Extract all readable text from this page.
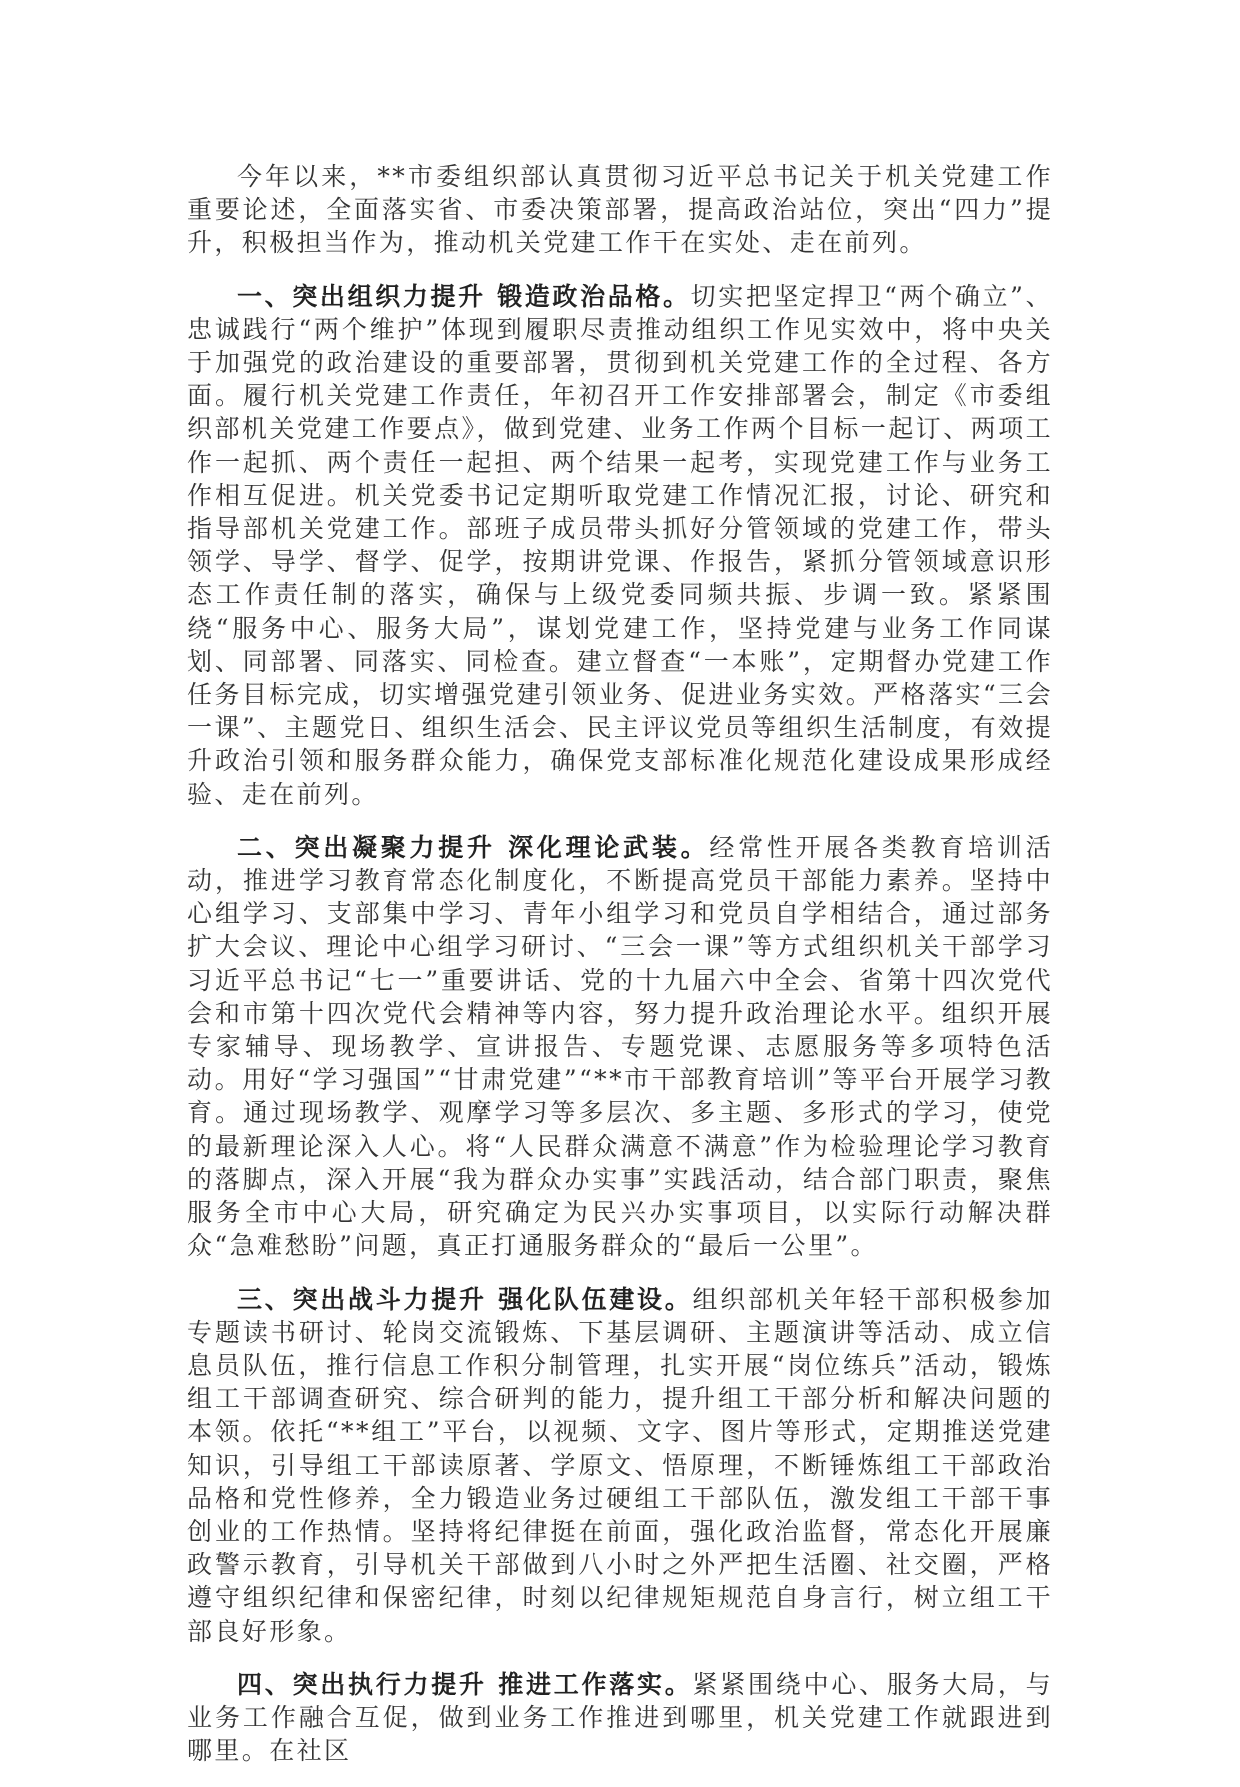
今年以来，**市委组织部认真贯彻习近平总书记关于机关党建工作重要论述，全面落实省、市委决策部署，提高政治站位，突出“四力”提升，积极担当作为，推动机关党建工作干在实处、走在前列。

一、突出组织力提升 锻造政治品格。切实把坚定捍卫“两个确立”、忠诚践行“两个维护”体现到履职尽责推动组织工作见实效中，将中央关于加强党的政治建设的重要部署，贯彻到机关党建工作的全过程、各方面。履行机关党建工作责任，年初召开工作安排部署会，制定《市委组织部机关党建工作要点》，做到党建、业务工作两个目标一起订、两项工作一起抓、两个责任一起担、两个结果一起考，实现党建工作与业务工作相互促进。机关党委书记定期听取党建工作情况汇报，讨论、研究和指导部机关党建工作。部班子成员带头抓好分管领域的党建工作，带头领学、导学、督学、促学，按期讲党课、作报告，紧抓分管领域意识形态工作责任制的落实，确保与上级党委同频共振、步调一致。紧紧围绕“服务中心、服务大局”，谋划党建工作，坚持党建与业务工作同谋划、同部署、同落实、同检查。建立督查“一本账”，定期督办党建工作任务目标完成，切实增强党建引领业务、促进业务实效。严格落实“三会一课”、主题党日、组织生活会、民主评议党员等组织生活制度，有效提升政治引领和服务群众能力，确保党支部标准化规范化建设成果形成经验、走在前列。

二、突出凝聚力提升 深化理论武装。经常性开展各类教育培训活动，推进学习教育常态化制度化，不断提高党员干部能力素养。坚持中心组学习、支部集中学习、青年小组学习和党员自学相结合，通过部务扩大会议、理论中心组学习研讨、“三会一课”等方式组织机关干部学习习近平总书记“七一”重要讲话、党的十九届六中全会、省第十四次党代会和市第十四次党代会精神等内容，努力提升政治理论水平。组织开展专家辅导、现场教学、宣讲报告、专题党课、志愿服务等多项特色活动。用好“学习强国”“甘肃党建”“**市干部教育培训”等平台开展学习教育。通过现场教学、观摩学习等多层次、多主题、多形式的学习，使党的最新理论深入人心。将“人民群众满意不满意”作为检验理论学习教育的落脚点，深入开展“我为群众办实事”实践活动，结合部门职责，聚焦服务全市中心大局，研究确定为民兴办实事项目，以实际行动解决群众“急难愁盼”问题，真正打通服务群众的“最后一公里”。

三、突出战斗力提升 强化队伍建设。组织部机关年轻干部积极参加专题读书研讨、轮岗交流锻炼、下基层调研、主题演讲等活动、成立信息员队伍，推行信息工作积分制管理，扎实开展“岗位练兵”活动，锻炼组工干部调查研究、综合研判的能力，提升组工干部分析和解决问题的本领。依托“**组工”平台，以视频、文字、图片等形式，定期推送党建知识，引导组工干部读原著、学原文、悟原理，不断锤炼组工干部政治品格和党性修养，全力锻造业务过硬组工干部队伍，激发组工干部干事创业的工作热情。坚持将纪律挺在前面，强化政治监督，常态化开展廉政警示教育，引导机关干部做到八小时之外严把生活圈、社交圈，严格遵守组织纪律和保密纪律，时刻以纪律规矩规范自身言行，树立组工干部良好形象。

四、突出执行力提升 推进工作落实。紧紧围绕中心、服务大局，与业务工作融合互促，做到业务工作推进到哪里，机关党建工作就跟进到哪里。在社区
